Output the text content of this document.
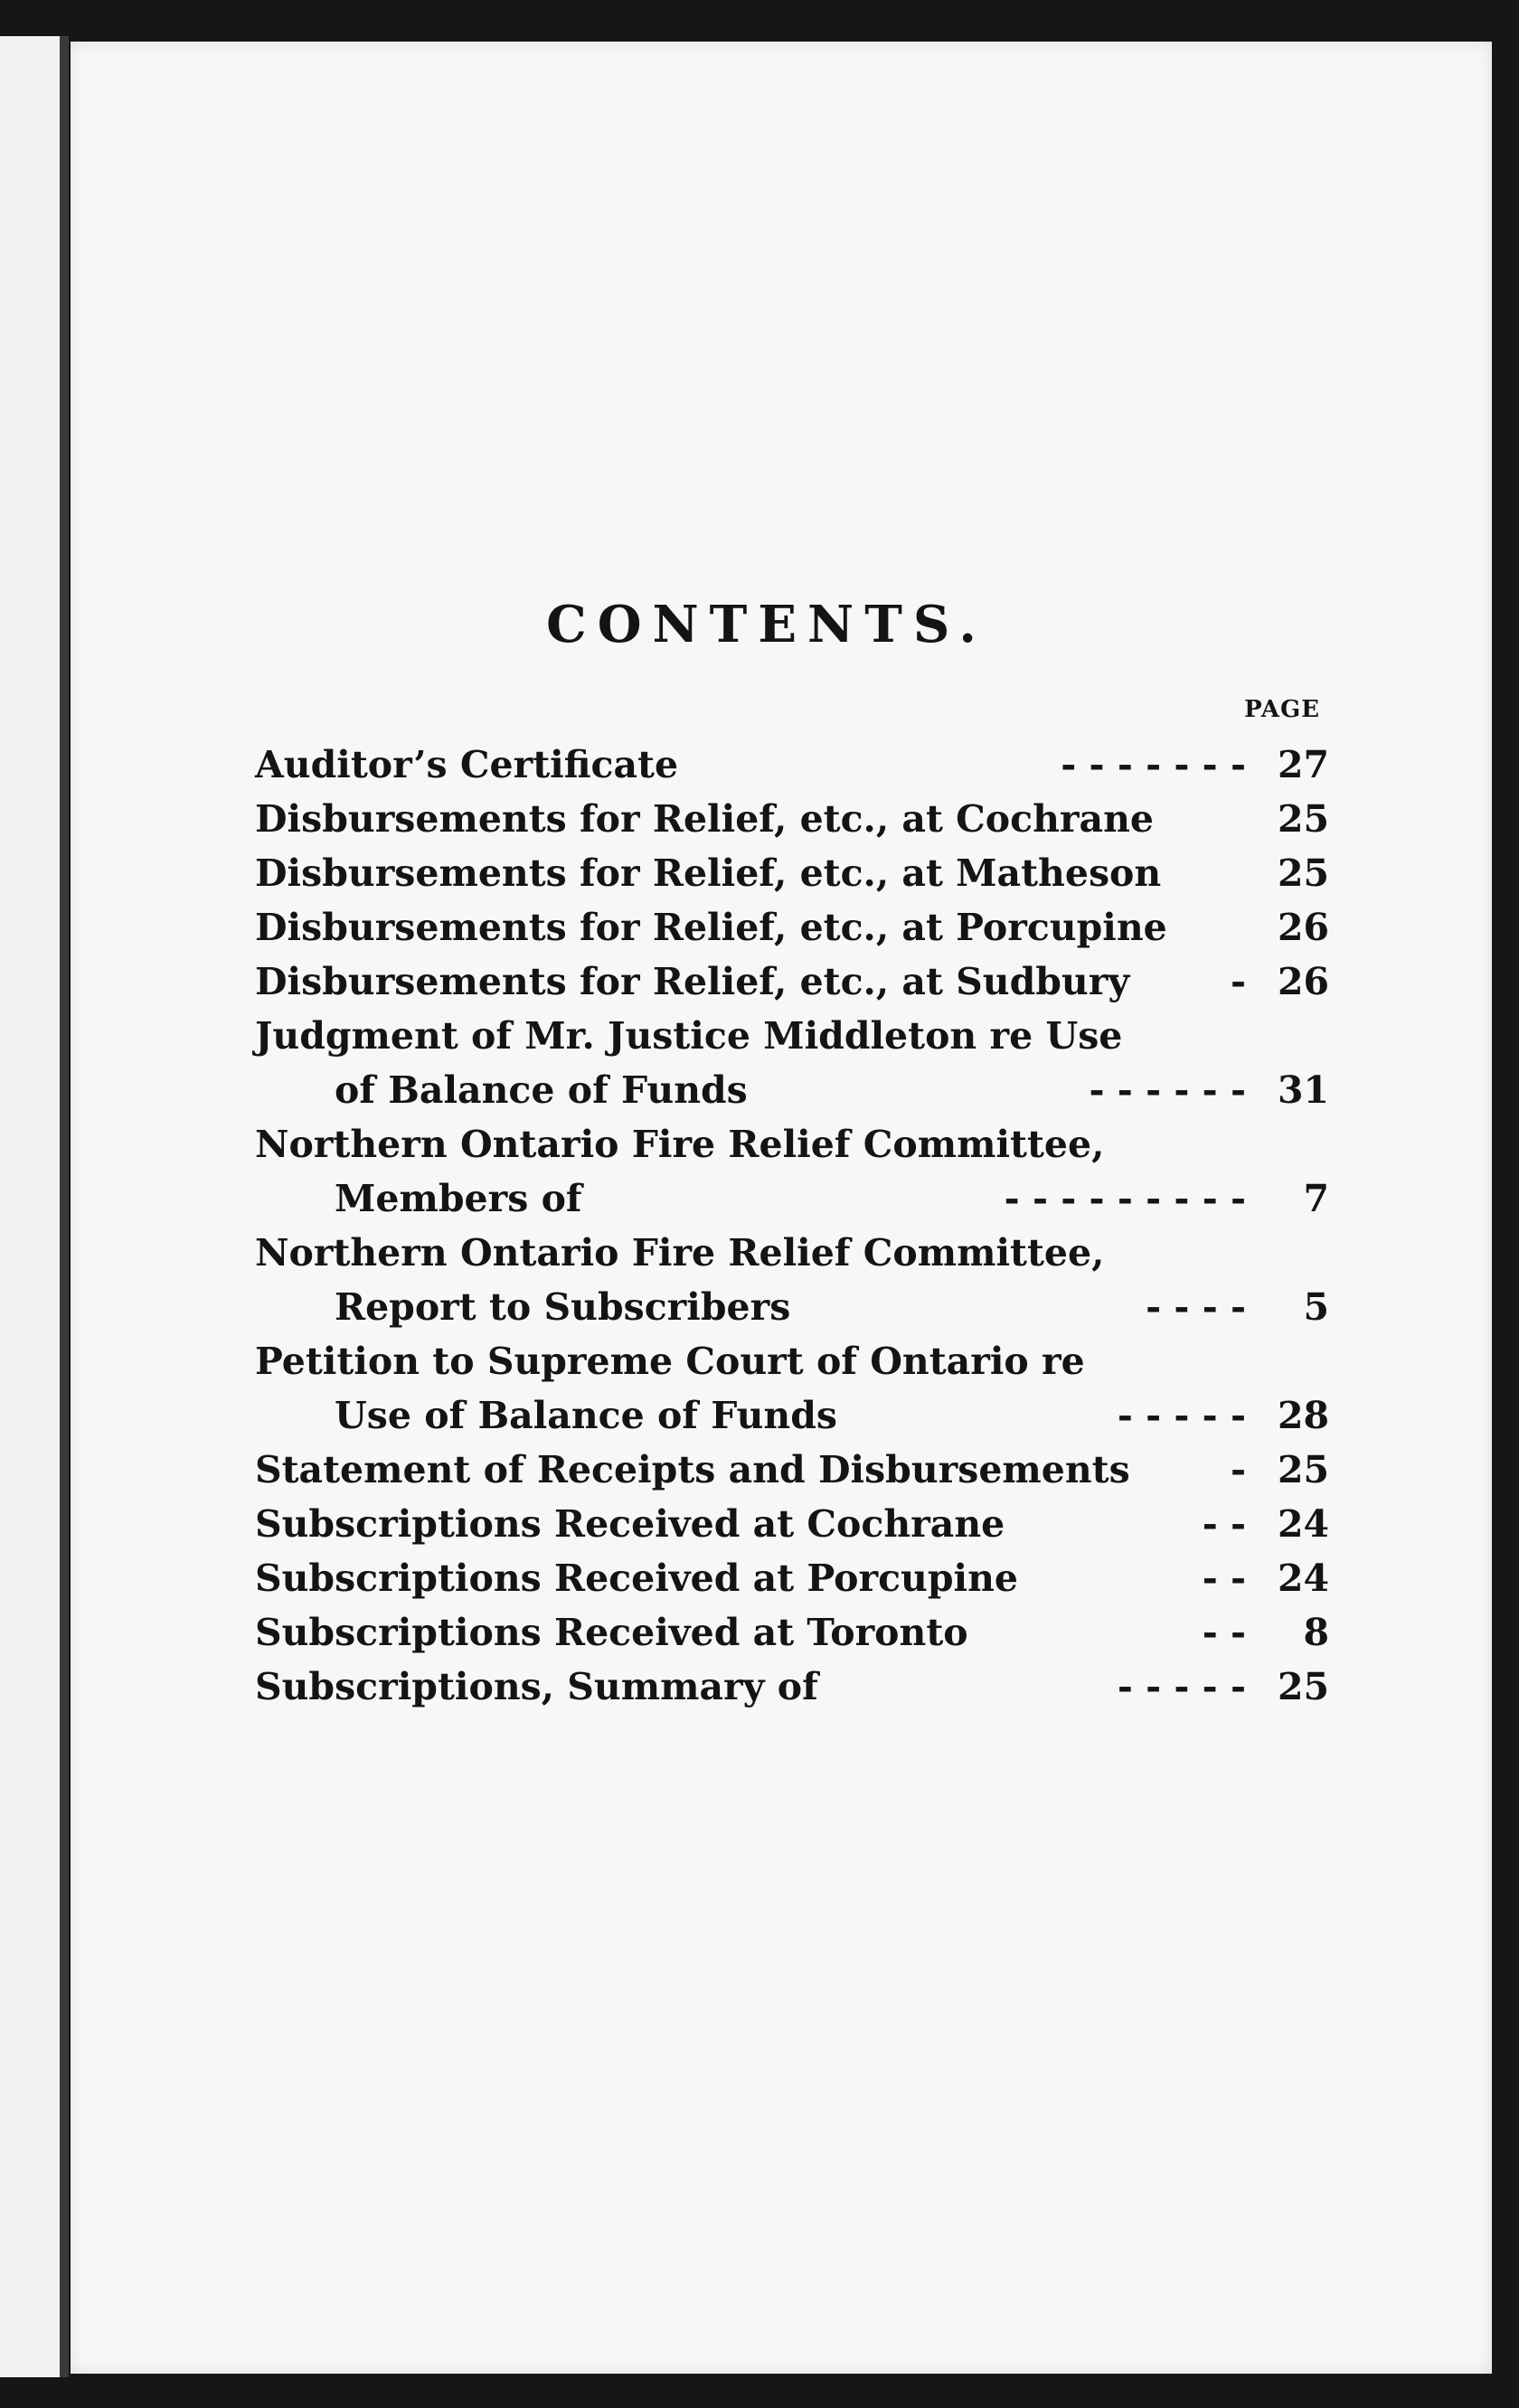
CONTENTS.
PAGE
Auditor’s Certificate	- - - - - - - 27
Disbursements for Relief, etc., at Cochrane	25
Disbursements for Relief, etc., at Matheson	25
Disbursements for Relief, etc., at Porcupine	26
Disbursements for Relief, etc., at Sudbury	- 26
Judgment of Mr. Justice Middleton re Use
of Balance of Funds	- - - - - - 31
Northern Ontario Fire Relief Committee,
Members of	- - - - - - - - -	7
Northern Ontario Fire Relief Committee,
Report to Subscribers	- - - -	5
Petition to Supreme Court of Ontario re
Use of Balance of Funds	- - - - - 28
Statement of Receipts and Disbursements	- 25
Subscriptions Received at Cochrane	- - 24
Subscriptions Received at Porcupine	- - 24
Subscriptions Received at Toronto	- -	8
Subscriptions, Summary of	- - - - - 25
